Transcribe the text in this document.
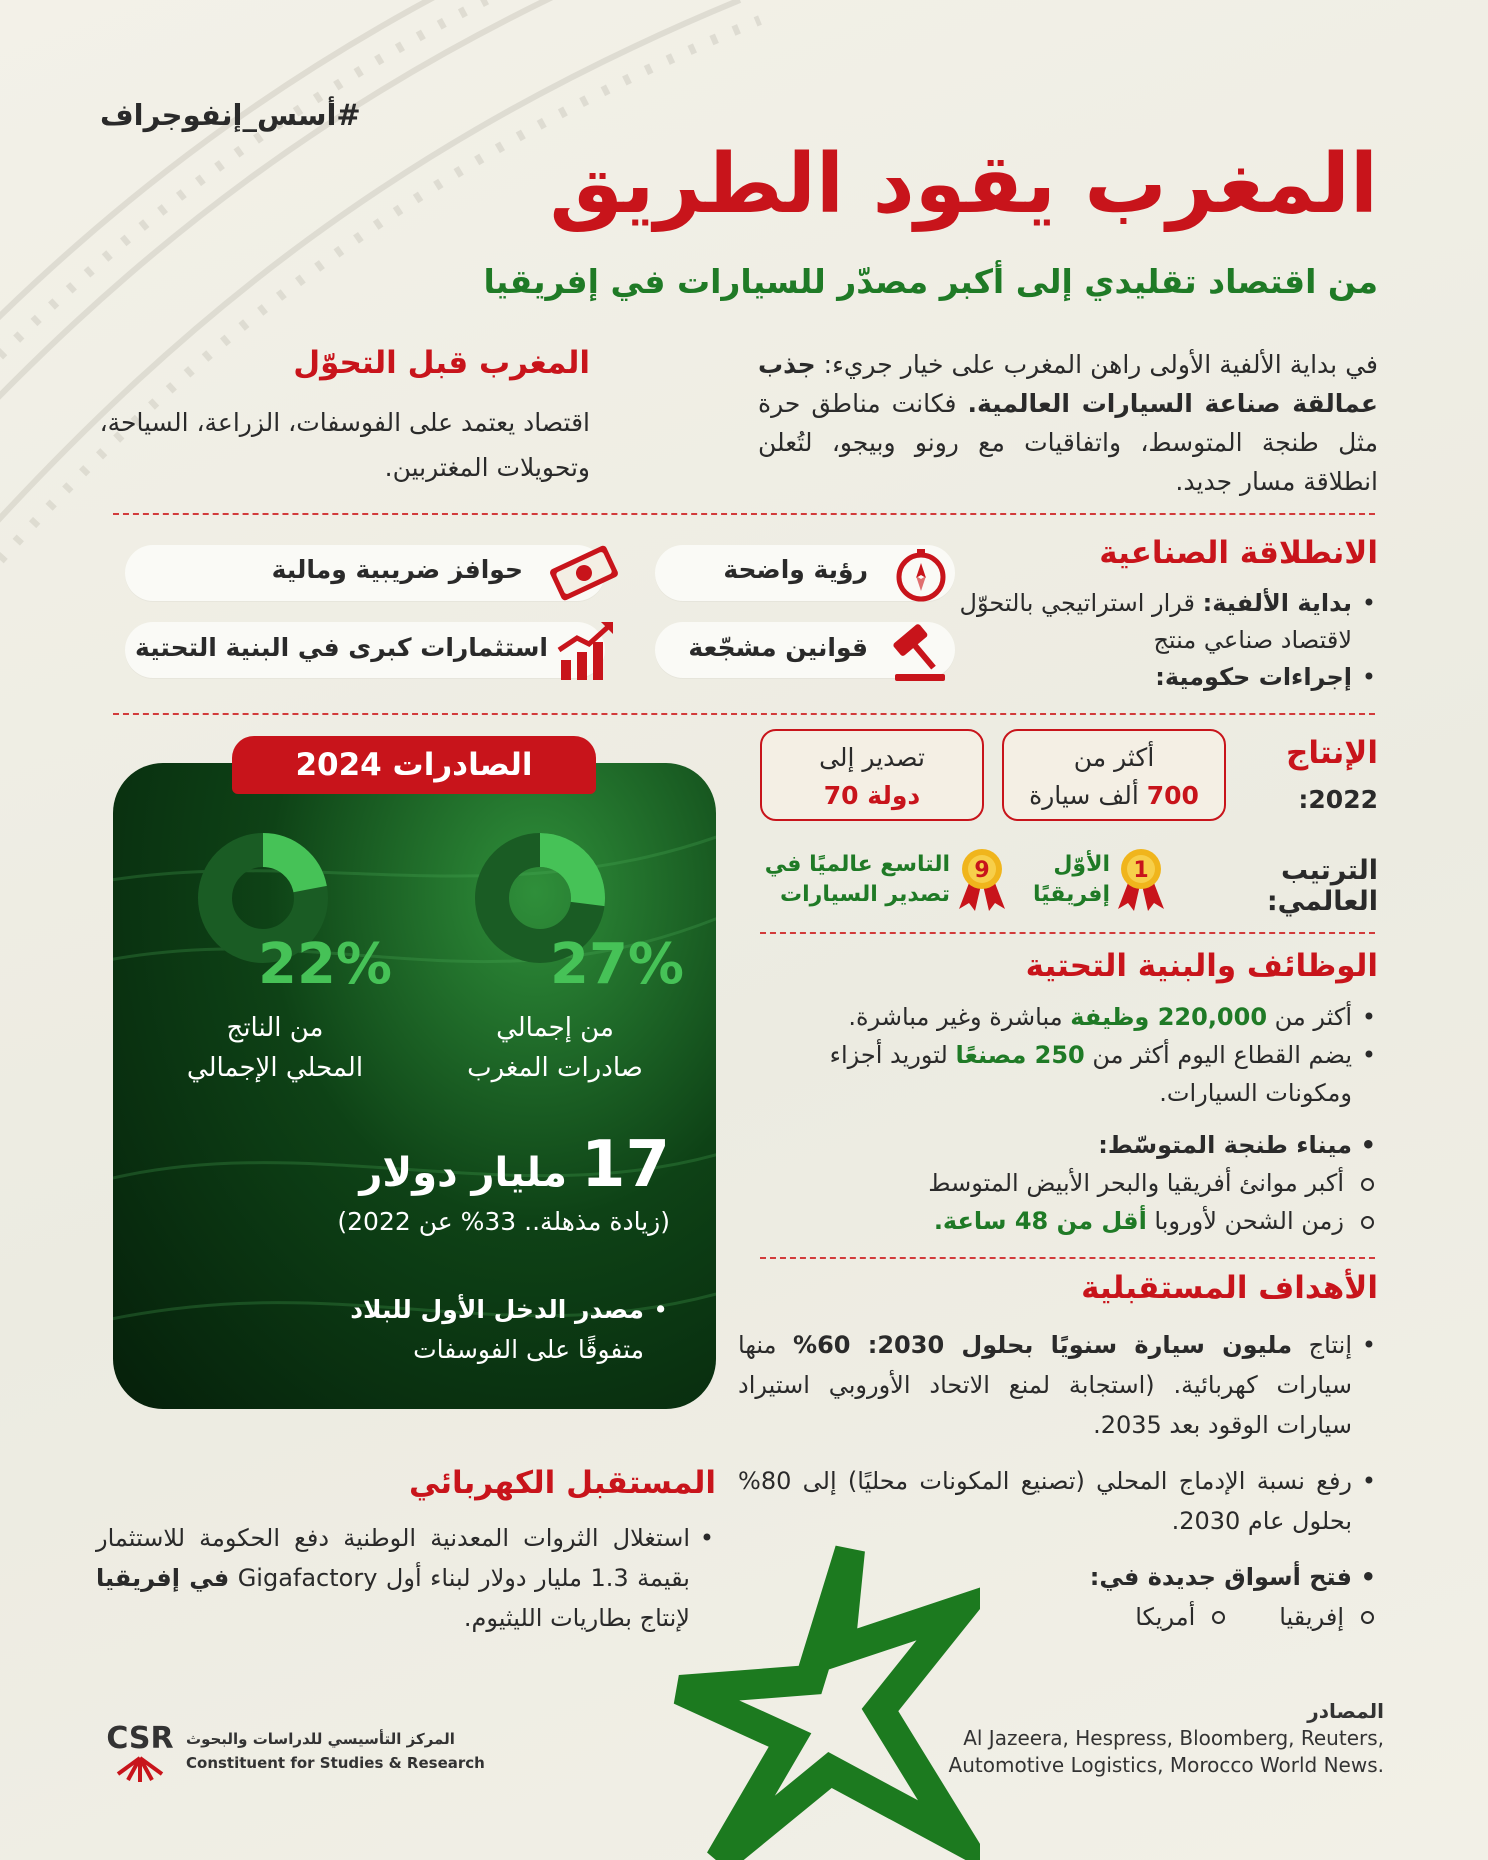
#أسس_إنفوجراف
المغرب يقود الطريق
من اقتصاد تقليدي إلى أكبر مصدّر للسيارات في إفريقيا
في بداية الألفية الأولى راهن المغرب على خيار جريء: جذب عمالقة صناعة السيارات العالمية. فكانت مناطق حرة مثل طنجة المتوسط، واتفاقيات مع رونو وبيجو، لتُعلن انطلاقة مسار جديد.
المغرب قبل التحوّل
اقتصاد يعتمد على الفوسفات، الزراعة، السياحة، وتحويلات المغتربين.
الانطلاقة الصناعية
• بداية الألفية: قرار استراتيجي بالتحوّل لاقتصاد صناعي منتج
• إجراءات حكومية:
رؤية واضحة
حوافز ضريبية ومالية
قوانين مشجّعة
استثمارات كبرى في البنية التحتية
الإنتاج
2022:
أكثر من
700 ألف سيارة
تصدير إلى
70 دولة
الترتيب العالمي:
1
الأوّل
إفريقيًا
9
التاسع عالميًا في
تصدير السيارات
الوظائف والبنية التحتية
• أكثر من 220,000 وظيفة مباشرة وغير مباشرة.
• يضم القطاع اليوم أكثر من 250 مصنعًا لتوريد أجزاء ومكونات السيارات.
• ميناء طنجة المتوسّط:
أكبر موانئ أفريقيا والبحر الأبيض المتوسط
زمن الشحن لأوروبا أقل من 48 ساعة.
الأهداف المستقبلية
• إنتاج مليون سيارة سنويًا بحلول 2030: 60% منها سيارات كهربائية. (استجابة لمنع الاتحاد الأوروبي استيراد سيارات الوقود بعد 2035.
• رفع نسبة الإدماج المحلي (تصنيع المكونات محليًا) إلى 80% بحلول عام 2030.
• فتح أسواق جديدة في:
إفريقيا
أمريكا
الصادرات 2024
27%
22%
من إجمالي
صادرات المغرب
من الناتج
المحلي الإجمالي
17 مليار دولار
(زيادة مذهلة.. 33% عن 2022)
• مصدر الدخل الأول للبلاد
متفوقًا على الفوسفات
المستقبل الكهربائي
• استغلال الثروات المعدنية الوطنية دفع الحكومة للاستثمار بقيمة 1.3 مليار دولار لبناء أول Gigafactory في إفريقيا لإنتاج بطاريات الليثيوم.
المصادر
Al Jazeera, Hespress, Bloomberg, Reuters,
Automotive Logistics, Morocco World News.
CSR المركز التأسيسي للدراسات والبحوث
Constituent for Studies & Research
